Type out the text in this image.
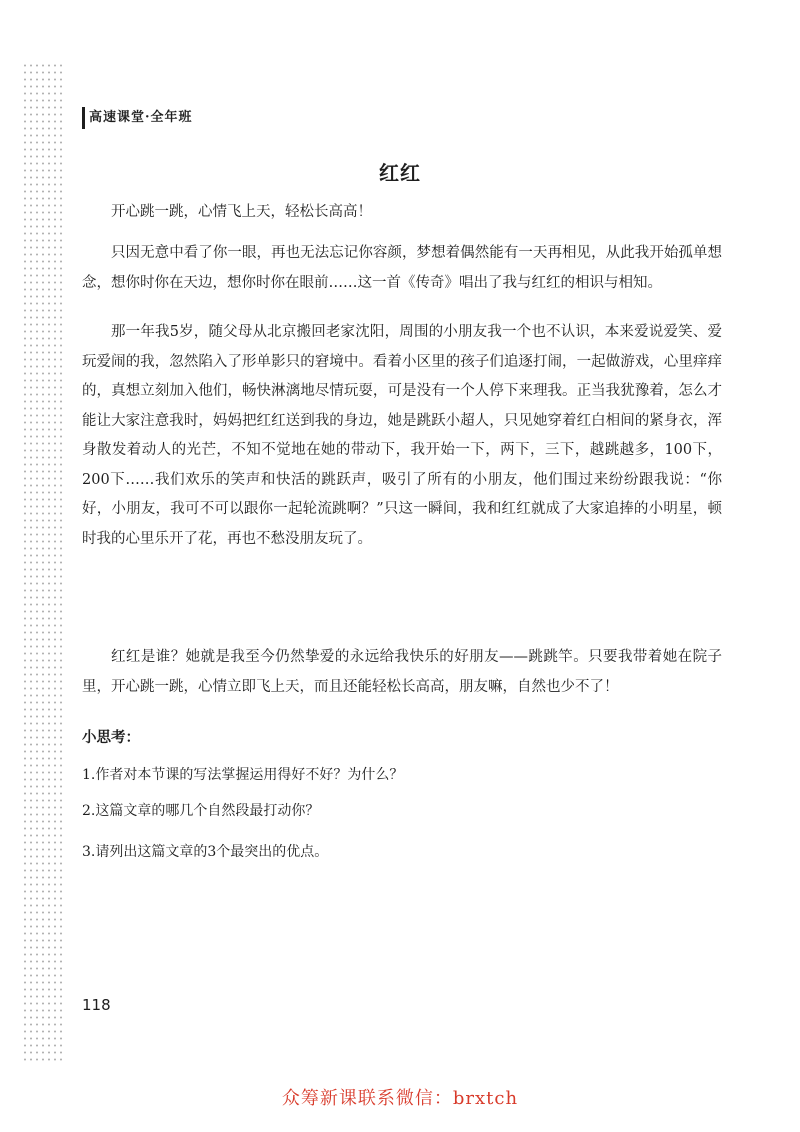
高速课堂·全年班
红红
开心跳一跳，心情飞上天，轻松长高高！
只因无意中看了你一眼，再也无法忘记你容颜，梦想着偶然能有一天再相见，从此我开始孤单想念，想你时你在天边，想你时你在眼前……这一首《传奇》唱出了我与红红的相识与相知。
那一年我5岁，随父母从北京搬回老家沈阳，周围的小朋友我一个也不认识，本来爱说爱笑、爱玩爱闹的我，忽然陷入了形单影只的窘境中。看着小区里的孩子们追逐打闹，一起做游戏，心里痒痒的，真想立刻加入他们，畅快淋漓地尽情玩耍，可是没有一个人停下来理我。正当我犹豫着，怎么才能让大家注意我时，妈妈把红红送到我的身边，她是跳跃小超人，只见她穿着红白相间的紧身衣，浑身散发着动人的光芒，不知不觉地在她的带动下，我开始一下，两下，三下，越跳越多，100下，200下……我们欢乐的笑声和快活的跳跃声，吸引了所有的小朋友，他们围过来纷纷跟我说：“你好，小朋友，我可不可以跟你一起轮流跳啊？”只这一瞬间，我和红红就成了大家追捧的小明星，顿时我的心里乐开了花，再也不愁没朋友玩了。
红红是谁？她就是我至今仍然挚爱的永远给我快乐的好朋友——跳跳竿。只要我带着她在院子里，开心跳一跳，心情立即飞上天，而且还能轻松长高高，朋友嘛，自然也少不了！
小思考：
1.作者对本节课的写法掌握运用得好不好？为什么？
2.这篇文章的哪几个自然段最打动你？
3.请列出这篇文章的3个最突出的优点。
118
众筹新课联系微信：brxtch
